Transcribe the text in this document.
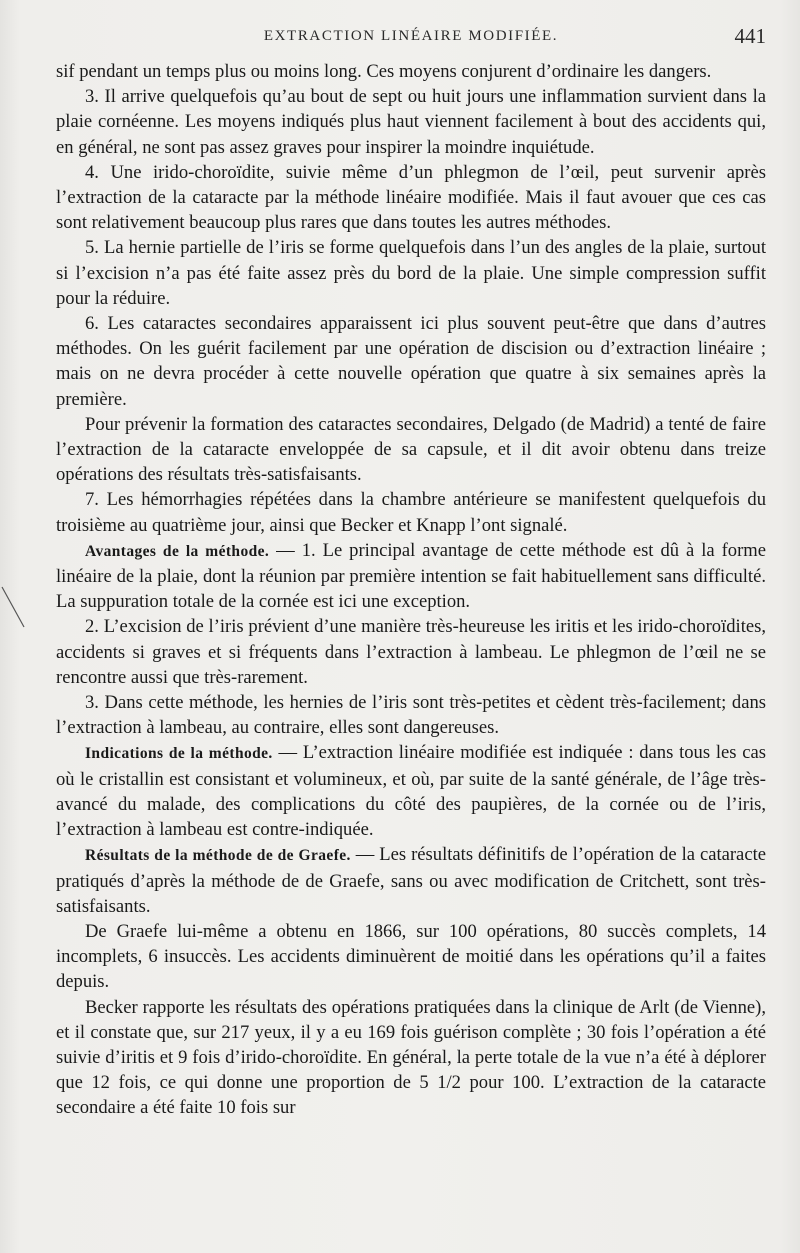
EXTRACTION LINÉAIRE MODIFIÉE.	441

sif pendant un temps plus ou moins long. Ces moyens conjurent d’ordinaire les dangers.

3. Il arrive quelquefois qu’au bout de sept ou huit jours une inflammation survient dans la plaie cornéenne. Les moyens indiqués plus haut viennent facilement à bout des accidents qui, en général, ne sont pas assez graves pour inspirer la moindre inquiétude.

4. Une irido-choroïdite, suivie même d’un phlegmon de l’œil, peut survenir après l’extraction de la cataracte par la méthode linéaire modifiée. Mais il faut avouer que ces cas sont relativement beaucoup plus rares que dans toutes les autres méthodes.

5. La hernie partielle de l’iris se forme quelquefois dans l’un des angles de la plaie, surtout si l’excision n’a pas été faite assez près du bord de la plaie. Une simple compression suffit pour la réduire.

6. Les cataractes secondaires apparaissent ici plus souvent peut-être que dans d’autres méthodes. On les guérit facilement par une opération de discision ou d’extraction linéaire ; mais on ne devra procéder à cette nouvelle opération que quatre à six semaines après la première.

Pour prévenir la formation des cataractes secondaires, Delgado (de Madrid) a tenté de faire l’extraction de la cataracte enveloppée de sa capsule, et il dit avoir obtenu dans treize opérations des résultats très-satisfaisants.

7. Les hémorrhagies répétées dans la chambre antérieure se manifestent quelquefois du troisième au quatrième jour, ainsi que Becker et Knapp l’ont signalé.

Avantages de la méthode. — 1. Le principal avantage de cette méthode est dû à la forme linéaire de la plaie, dont la réunion par première intention se fait habituellement sans difficulté. La suppuration totale de la cornée est ici une exception.

2. L’excision de l’iris prévient d’une manière très-heureuse les iritis et les irido-choroïdites, accidents si graves et si fréquents dans l’extraction à lambeau. Le phlegmon de l’œil ne se rencontre aussi que très-rarement.

3. Dans cette méthode, les hernies de l’iris sont très-petites et cèdent très-facilement; dans l’extraction à lambeau, au contraire, elles sont dangereuses.

Indications de la méthode. — L’extraction linéaire modifiée est indiquée : dans tous les cas où le cristallin est consistant et volumineux, et où, par suite de la santé générale, de l’âge très-avancé du malade, des complications du côté des paupières, de la cornée ou de l’iris, l’extraction à lambeau est contre-indiquée.

Résultats de la méthode de de Graefe. — Les résultats définitifs de l’opération de la cataracte pratiqués d’après la méthode de de Graefe, sans ou avec modification de Critchett, sont très-satisfaisants.

De Graefe lui-même a obtenu en 1866, sur 100 opérations, 80 succès complets, 14 incomplets, 6 insuccès. Les accidents diminuèrent de moitié dans les opérations qu’il a faites depuis.

Becker rapporte les résultats des opérations pratiquées dans la clinique de Arlt (de Vienne), et il constate que, sur 217 yeux, il y a eu 169 fois guérison complète ; 30 fois l’opération a été suivie d’iritis et 9 fois d’irido-choroïdite. En général, la perte totale de la vue n’a été à déplorer que 12 fois, ce qui donne une proportion de 5 1/2 pour 100. L’extraction de la cataracte secondaire a été faite 10 fois sur
